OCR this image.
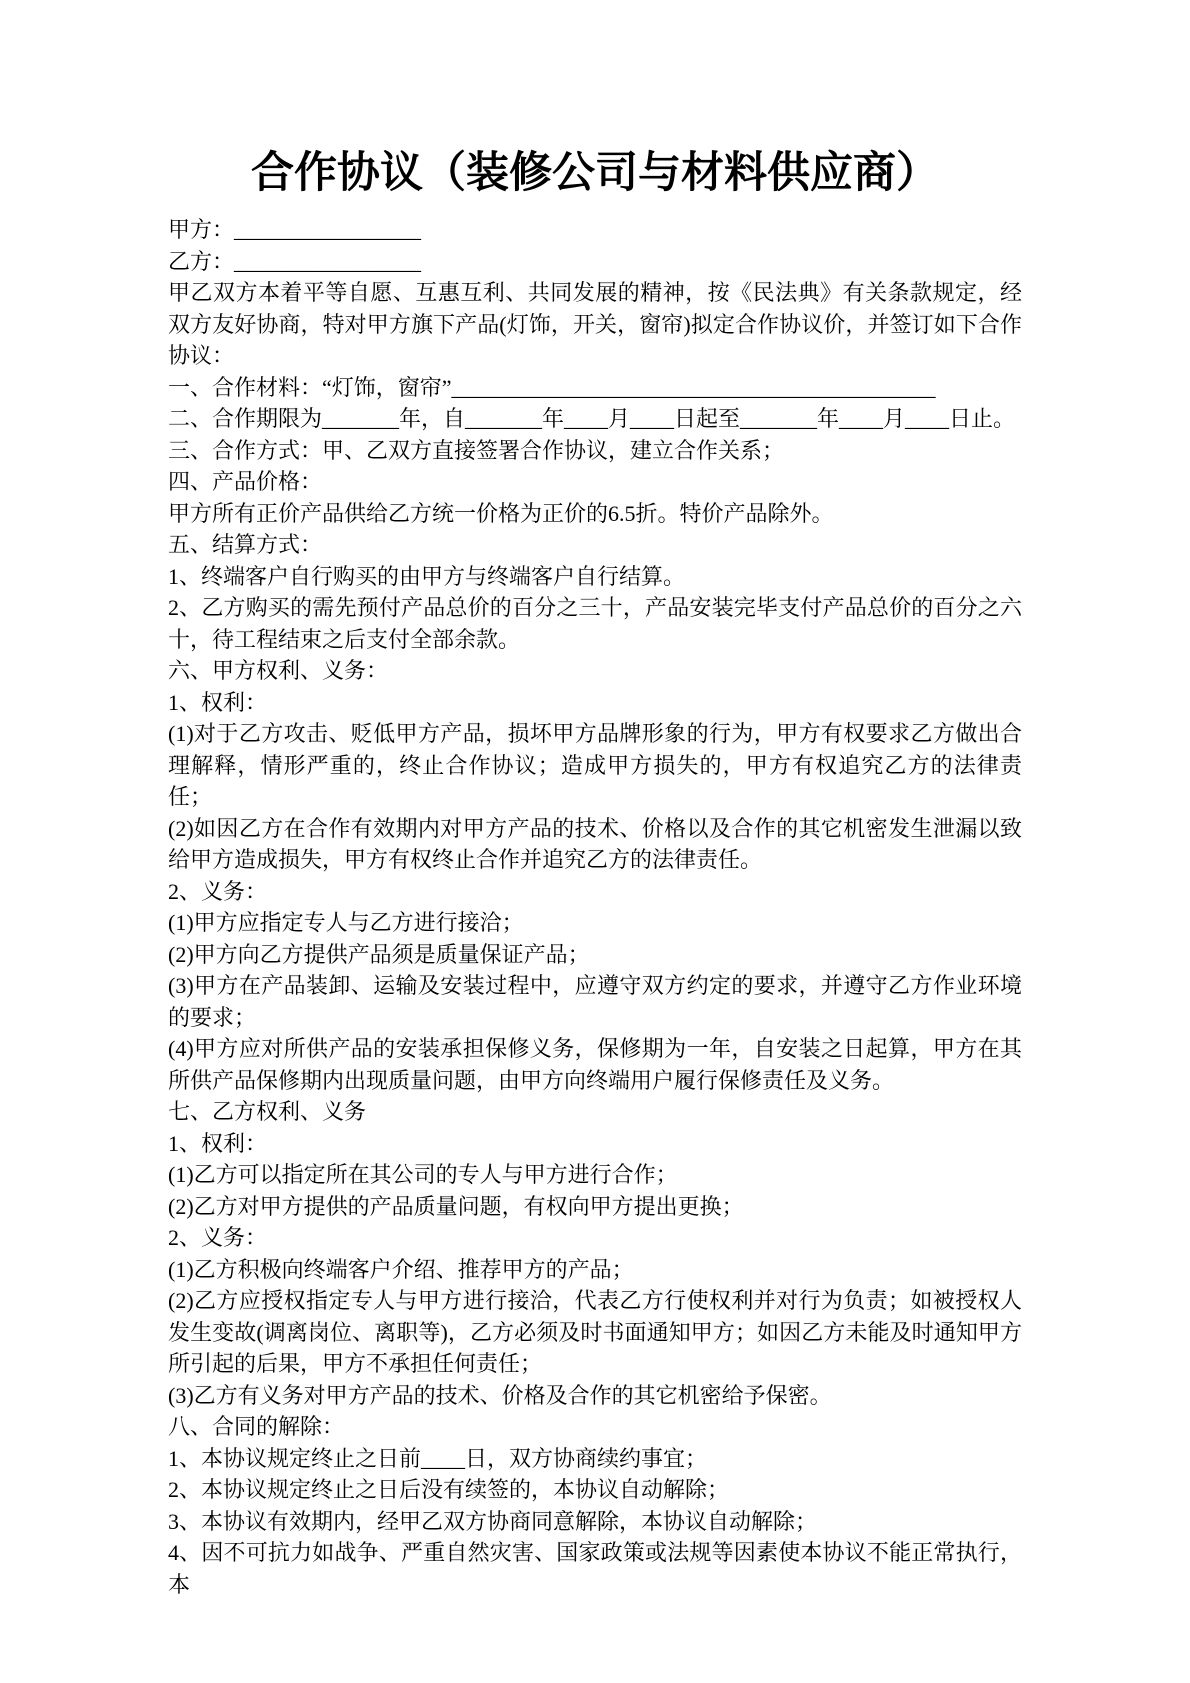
合作协议（装修公司与材料供应商）
甲方：_________________
乙方：_________________

甲乙双方本着平等自愿、互惠互利、共同发展的精神，按《民法典》有关条款规定，经双方友好协商，特对甲方旗下产品(灯饰，开关，窗帘)拟定合作协议价，并签订如下合作协议：

一、合作材料：“灯饰，窗帘”____________________________________________

二、合作期限为_______年，自_______年____月____日起至_______年____月____日止。

三、合作方式：甲、乙双方直接签署合作协议，建立合作关系；

四、产品价格：

甲方所有正价产品供给乙方统一价格为正价的6.5折。特价产品除外。

五、结算方式：

1、终端客户自行购买的由甲方与终端客户自行结算。

2、乙方购买的需先预付产品总价的百分之三十，产品安装完毕支付产品总价的百分之六十，待工程结束之后支付全部余款。

六、甲方权利、义务：

1、权利：

(1)对于乙方攻击、贬低甲方产品，损坏甲方品牌形象的行为，甲方有权要求乙方做出合理解释，情形严重的，终止合作协议；造成甲方损失的，甲方有权追究乙方的法律责任；

(2)如因乙方在合作有效期内对甲方产品的技术、价格以及合作的其它机密发生泄漏以致给甲方造成损失，甲方有权终止合作并追究乙方的法律责任。

2、义务：

(1)甲方应指定专人与乙方进行接洽；

(2)甲方向乙方提供产品须是质量保证产品；

(3)甲方在产品装卸、运输及安装过程中，应遵守双方约定的要求，并遵守乙方作业环境的要求；

(4)甲方应对所供产品的安装承担保修义务，保修期为一年，自安装之日起算，甲方在其所供产品保修期内出现质量问题，由甲方向终端用户履行保修责任及义务。

七、乙方权利、义务

1、权利：

(1)乙方可以指定所在其公司的专人与甲方进行合作；

(2)乙方对甲方提供的产品质量问题，有权向甲方提出更换；

2、义务：

(1)乙方积极向终端客户介绍、推荐甲方的产品；

(2)乙方应授权指定专人与甲方进行接洽，代表乙方行使权利并对行为负责；如被授权人发生变故(调离岗位、离职等)，乙方必须及时书面通知甲方；如因乙方未能及时通知甲方所引起的后果，甲方不承担任何责任；

(3)乙方有义务对甲方产品的技术、价格及合作的其它机密给予保密。

八、合同的解除：

1、本协议规定终止之日前____日，双方协商续约事宜；

2、本协议规定终止之日后没有续签的，本协议自动解除；

3、本协议有效期内，经甲乙双方协商同意解除，本协议自动解除；

4、因不可抗力如战争、严重自然灾害、国家政策或法规等因素使本协议不能正常执行，本
